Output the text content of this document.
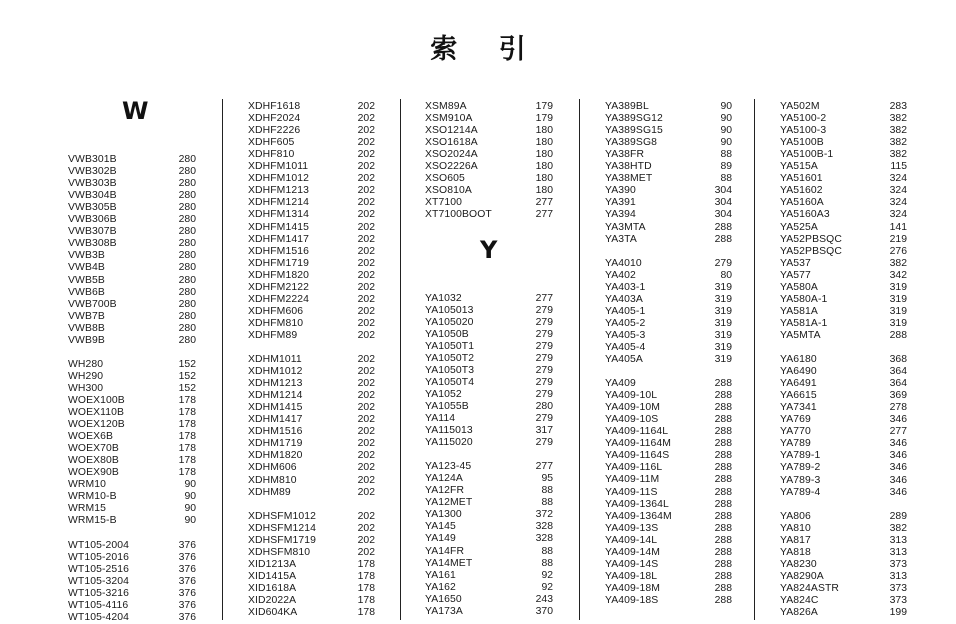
索 引
W
VWB301B	280
VWB302B	280
VWB303B	280
VWB304B	280
VWB305B	280
VWB306B	280
VWB307B	280
VWB308B	280
VWB3B	280
VWB4B	280
VWB5B	280
VWB6B	280
VWB700B	280
VWB7B	280
VWB8B	280
VWB9B	280
WH280	152
WH290	152
WH300	152
WOEX100B	178
WOEX110B	178
WOEX120B	178
WOEX6B	178
WOEX70B	178
WOEX80B	178
WOEX90B	178
WRM10	90
WRM10-B	90
WRM15	90
WRM15-B	90
WT105-2004	376
WT105-2016	376
WT105-2516	376
WT105-3204	376
WT105-3216	376
WT105-4116	376
WT105-4204	376
XDHF1618	202
XDHF2024	202
XDHF2226	202
XDHF605	202
XDHF810	202
XDHFM1011	202
XDHFM1012	202
XDHFM1213	202
XDHFM1214	202
XDHFM1314	202
XDHFM1415	202
XDHFM1417	202
XDHFM1516	202
XDHFM1719	202
XDHFM1820	202
XDHFM2122	202
XDHFM2224	202
XDHFM606	202
XDHFM810	202
XDHFM89	202
XDHM1011	202
XDHM1012	202
XDHM1213	202
XDHM1214	202
XDHM1415	202
XDHM1417	202
XDHM1516	202
XDHM1719	202
XDHM1820	202
XDHM606	202
XDHM810	202
XDHM89	202
XDHSFM1012	202
XDHSFM1214	202
XDHSFM1719	202
XDHSFM810	202
XID1213A	178
XID1415A	178
XID1618A	178
XID2022A	178
XID604KA	178
XSM89A	179
XSM910A	179
XSO1214A	180
XSO1618A	180
XSO2024A	180
XSO2226A	180
XSO605	180
XSO810A	180
XT7100	277
XT7100BOOT	277
Y
YA1032	277
YA105013	279
YA105020	279
YA1050B	279
YA1050T1	279
YA1050T2	279
YA1050T3	279
YA1050T4	279
YA1052	279
YA1055B	280
YA114	279
YA115013	317
YA115020	279
YA123-45	277
YA124A	95
YA12FR	88
YA12MET	88
YA1300	372
YA145	328
YA149	328
YA14FR	88
YA14MET	88
YA161	92
YA162	92
YA1650	243
YA173A	370
YA389BL	90
YA389SG12	90
YA389SG15	90
YA389SG8	90
YA38FR	88
YA38HTD	89
YA38MET	88
YA390	304
YA391	304
YA394	304
YA3MTA	288
YA3TA	288
YA4010	279
YA402	80
YA403-1	319
YA403A	319
YA405-1	319
YA405-2	319
YA405-3	319
YA405-4	319
YA405A	319
YA409	288
YA409-10L	288
YA409-10M	288
YA409-10S	288
YA409-1164L	288
YA409-1164M	288
YA409-1164S	288
YA409-116L	288
YA409-11M	288
YA409-11S	288
YA409-1364L	288
YA409-1364M	288
YA409-13S	288
YA409-14L	288
YA409-14M	288
YA409-14S	288
YA409-18L	288
YA409-18M	288
YA409-18S	288
YA502M	283
YA5100-2	382
YA5100-3	382
YA5100B	382
YA5100B-1	382
YA515A	115
YA51601	324
YA51602	324
YA5160A	324
YA5160A3	324
YA525A	141
YA52PBSQC	219
YA52PBSQC	276
YA537	382
YA577	342
YA580A	319
YA580A-1	319
YA581A	319
YA581A-1	319
YA5MTA	288
YA6180	368
YA6490	364
YA6491	364
YA6615	369
YA7341	278
YA769	346
YA770	277
YA789	346
YA789-1	346
YA789-2	346
YA789-3	346
YA789-4	346
YA806	289
YA810	382
YA817	313
YA818	313
YA8230	373
YA8290A	313
YA824ASTR	373
YA824C	373
YA826A	199
